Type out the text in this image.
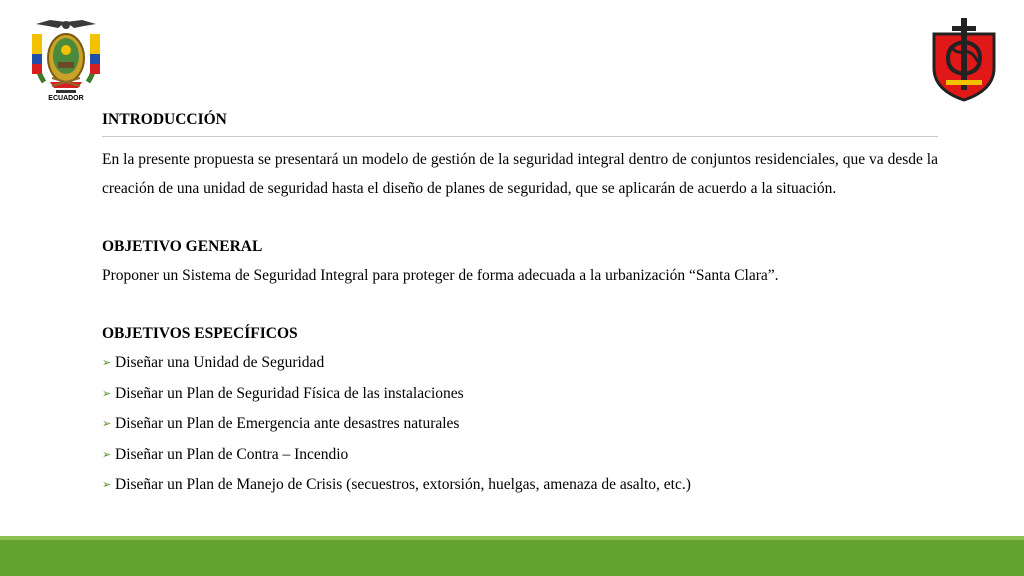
ECUADOR

INTRODUCCIÓN

En la presente propuesta se presentará un modelo de gestión de la seguridad integral dentro de conjuntos residenciales, que va desde la creación de una unidad de seguridad hasta el diseño de planes de seguridad, que se aplicarán de acuerdo a la situación.

OBJETIVO GENERAL

Proponer un Sistema de Seguridad Integral para proteger de forma adecuada a la urbanización “Santa Clara”.

OBJETIVOS ESPECÍFICOS

➢ Diseñar una Unidad de Seguridad
➢ Diseñar un Plan de Seguridad Física de las instalaciones
➢ Diseñar un Plan de Emergencia ante desastres naturales
➢ Diseñar un Plan de Contra – Incendio
➢ Diseñar un Plan de Manejo de Crisis (secuestros, extorsión, huelgas, amenaza de asalto, etc.)
